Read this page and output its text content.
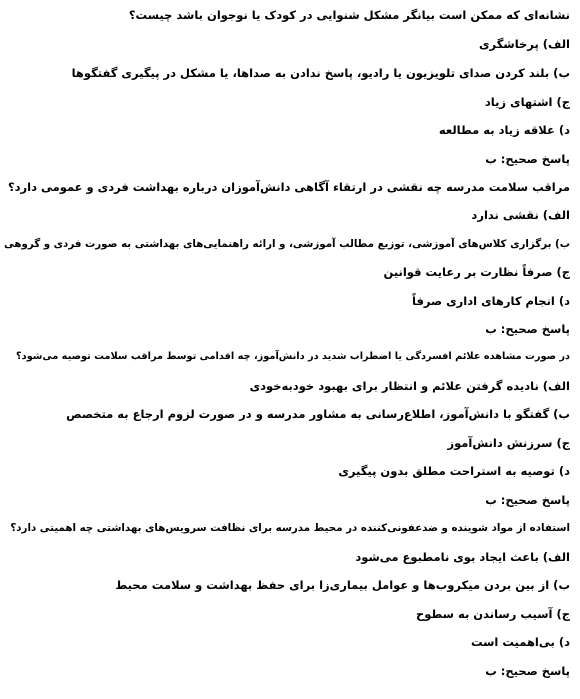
نشانه‌ای که ممکن است بیانگر مشکل شنوایی در کودک یا نوجوان باشد چیست؟
الف) پرخاشگری
ب) بلند کردن صدای تلویزیون یا رادیو، پاسخ ندادن به صداها، یا مشکل در پیگیری گفتگوها
ج) اشتهای زیاد
د) علاقه زیاد به مطالعه
پاسخ صحیح: ب
مراقب سلامت مدرسه چه نقشی در ارتقاء آگاهی دانش‌آموزان درباره بهداشت فردی و عمومی دارد؟
الف) نقشی ندارد
ب) برگزاری کلاس‌های آموزشی، توزیع مطالب آموزشی، و ارائه راهنمایی‌های بهداشتی به صورت فردی و گروهی
ج) صرفاً نظارت بر رعایت قوانین
د) انجام کارهای اداری صرفاً
پاسخ صحیح: ب
در صورت مشاهده علائم افسردگی یا اضطراب شدید در دانش‌آموز، چه اقدامی توسط مراقب سلامت توصیه می‌شود؟
الف) نادیده گرفتن علائم و انتظار برای بهبود خودبه‌خودی
ب) گفتگو با دانش‌آموز، اطلاع‌رسانی به مشاور مدرسه و در صورت لزوم ارجاع به متخصص
ج) سرزنش دانش‌آموز
د) توصیه به استراحت مطلق بدون پیگیری
پاسخ صحیح: ب
استفاده از مواد شوینده و ضدعفونی‌کننده در محیط مدرسه برای نظافت سرویس‌های بهداشتی چه اهمیتی دارد؟
الف) باعث ایجاد بوی نامطبوع می‌شود
ب) از بین بردن میکروب‌ها و عوامل بیماری‌زا برای حفظ بهداشت و سلامت محیط
ج) آسیب رساندن به سطوح
د) بی‌اهمیت است
پاسخ صحیح: ب
